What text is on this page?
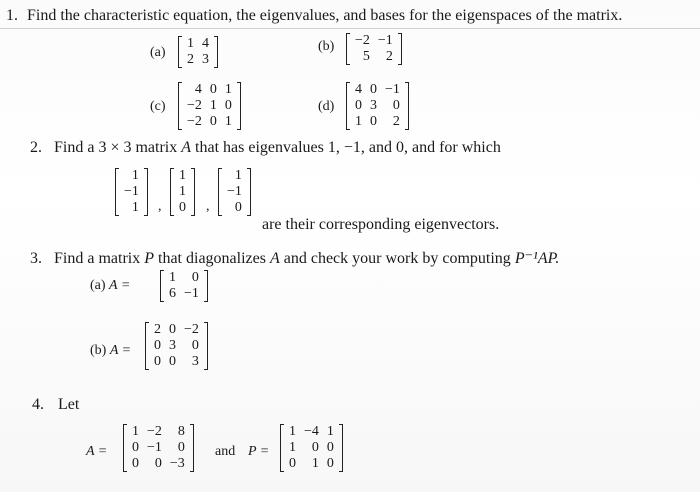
1. Find the characteristic equation, the eigenvalues, and bases for the eigenspaces of the matrix.
(a)
1	4
2	3
(b) −2	−1
5	2
(c)
4	0	1
−2	1	0
−2	0	1
(d)
4	0	−1
0	3	0
1	0	2
2. Find a 3 × 3 matrix A that has eigenvalues 1, −1, and 0, and for which
1
−1
1 ,
1
1
0 ,
1
−1
0
are their corresponding eigenvectors.
3. Find a matrix P that diagonalizes A and check your work by computing P⁻¹AP.
(a) A =
1	0
6	−1
(b) A =
2	0	−2
0	3	0
0	0	3
4. Let
A =
1	−2	8
0	−1	0
0	0	−3
and P =
1	−4	1
1	0	0
0	1	0
